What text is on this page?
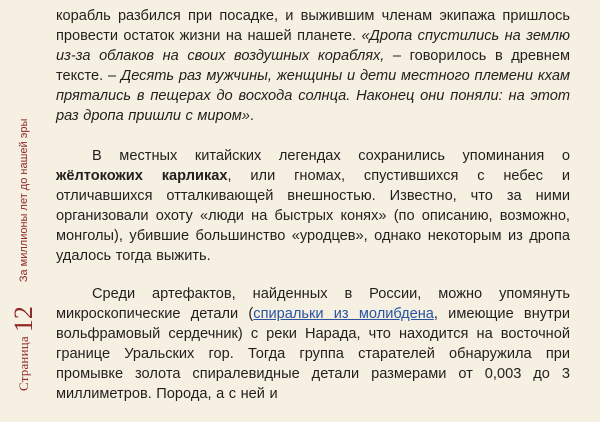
Страница
12
За миллионы лет до нашей эры

корабль разбился при посадке, и выжившим членам экипажа пришлось провести остаток жизни на нашей планете. «Дропа спустились на землю из-за облаков на своих воздушных кораблях, – говорилось в древнем тексте. – Десять раз мужчины, женщины и дети местного племени кхам прятались в пещерах до восхода солнца. Наконец они поняли: на этот раз дропа пришли с миром».

В местных китайских легендах сохранились упоминания о жёлтокожих карликах, или гномах, спустившихся с небес и отличавшихся отталкивающей внешностью. Известно, что за ними организовали охоту «люди на быстрых конях» (по описанию, возможно, монголы), убившие большинство «уродцев», однако некоторым из дропа удалось тогда выжить.

Среди артефактов, найденных в России, можно упомянуть микроскопические детали (спиральки из молибдена, имеющие внутри вольфрамовый сердечник) с реки Нарада, что находится на восточной границе Уральских гор. Тогда группа старателей обнаружила при промывке золота спиралевидные детали размерами от 0,003 до 3 миллиметров. Порода, а с ней и
